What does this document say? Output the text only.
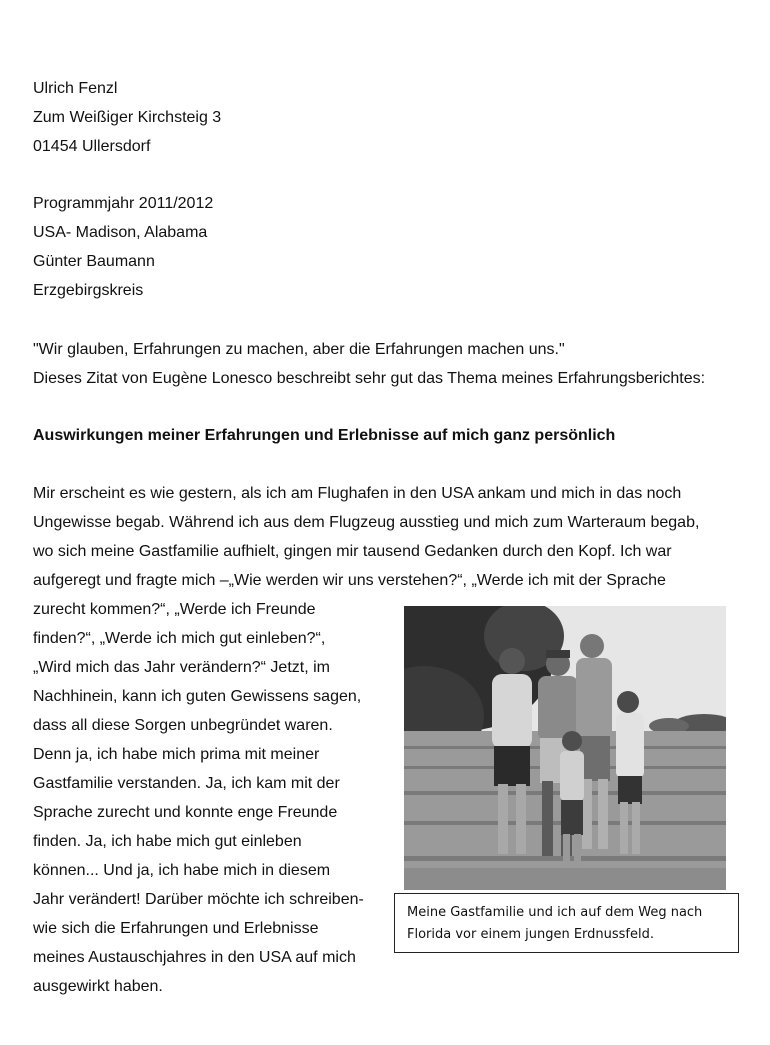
Ulrich Fenzl
Zum Weißiger Kirchsteig 3
01454 Ullersdorf
Programmjahr 2011/2012
USA- Madison, Alabama
Günter Baumann
Erzgebirgskreis
"Wir glauben, Erfahrungen zu machen, aber die Erfahrungen machen uns."
Dieses Zitat von Eugène Lonesco beschreibt sehr gut das Thema meines Erfahrungsberichtes:
Auswirkungen meiner Erfahrungen und Erlebnisse auf mich ganz persönlich
Mir erscheint es wie gestern, als ich am Flughafen in den USA ankam und mich in das noch
Ungewisse begab. Während ich aus dem Flugzeug ausstieg und mich zum Warteraum begab,
wo sich meine Gastfamilie aufhielt, gingen mir tausend Gedanken durch den Kopf. Ich war
aufgeregt und fragte mich –„Wie werden wir uns verstehen?“, „Werde ich mit der Sprache
zurecht kommen?“, „Werde ich Freunde
finden?“, „Werde ich mich gut einleben?“,
„Wird mich das Jahr verändern?“ Jetzt, im
Nachhinein, kann ich guten Gewissens sagen,
dass all diese Sorgen unbegründet waren.
Denn ja, ich habe mich prima mit meiner
Gastfamilie verstanden. Ja, ich kam mit der
Sprache zurecht und konnte enge Freunde
finden. Ja, ich habe mich gut einleben
können... Und ja, ich habe mich in diesem
Jahr verändert! Darüber möchte ich schreiben-
wie sich die Erfahrungen und Erlebnisse
meines Austauschjahres in den USA auf mich
ausgewirkt haben.
Meine Gastfamilie und ich auf dem Weg nach
Florida vor einem jungen Erdnussfeld.
